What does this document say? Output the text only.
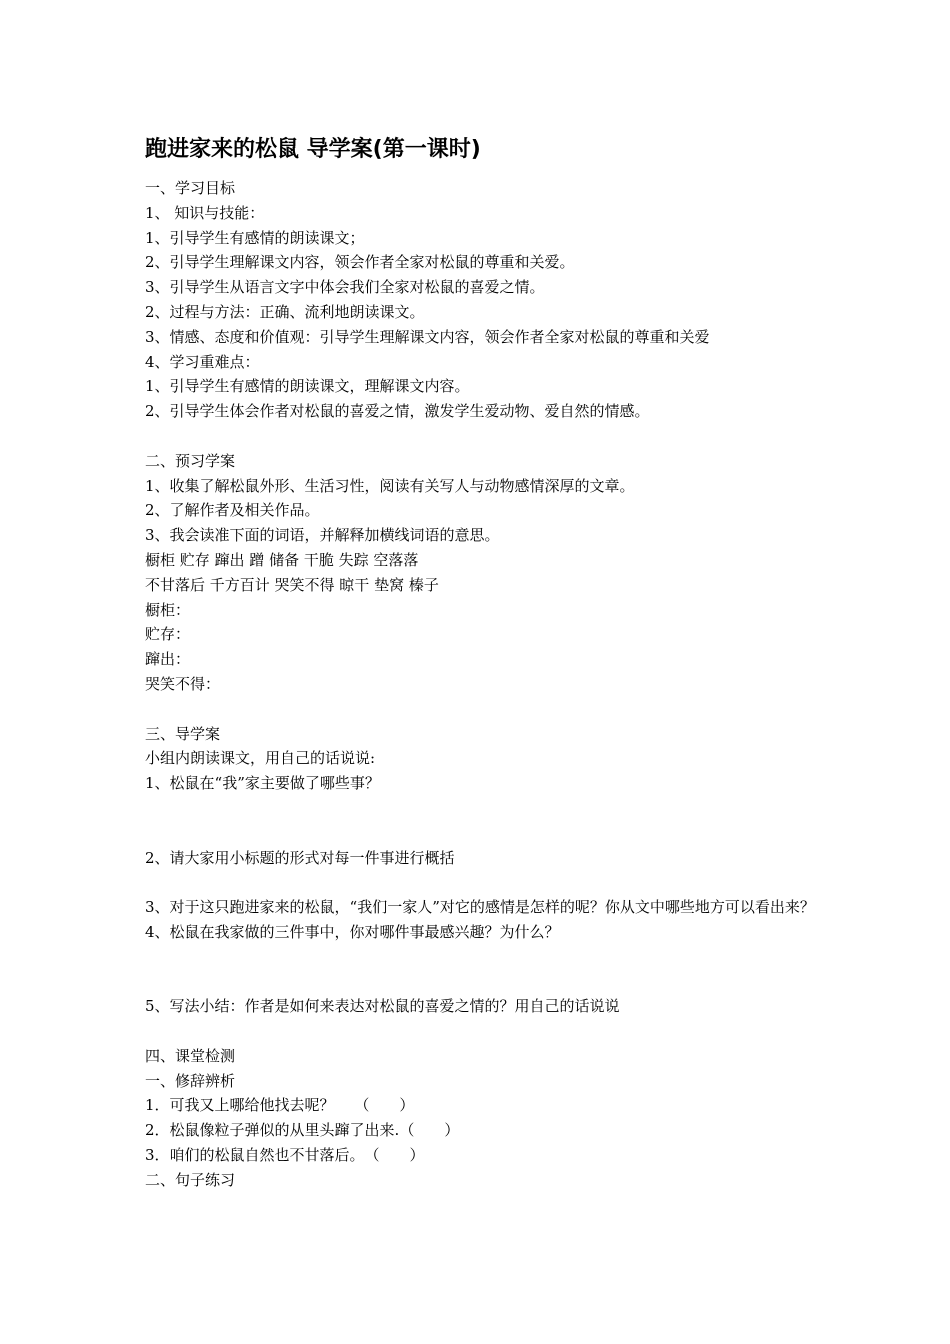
跑进家来的松鼠 导学案(第一课时)
一、学习目标
1、 知识与技能：
1、引导学生有感情的朗读课文；
2、引导学生理解课文内容，领会作者全家对松鼠的尊重和关爱。
3、引导学生从语言文字中体会我们全家对松鼠的喜爱之情。
2、过程与方法：正确、流利地朗读课文。
3、情感、态度和价值观：引导学生理解课文内容，领会作者全家对松鼠的尊重和关爱
4、学习重难点：
1、引导学生有感情的朗读课文，理解课文内容。
2、引导学生体会作者对松鼠的喜爱之情，激发学生爱动物、爱自然的情感。
二、预习学案
1、收集了解松鼠外形、生活习性，阅读有关写人与动物感情深厚的文章。
2、了解作者及相关作品。
3、我会读准下面的词语，并解释加横线词语的意思。
橱柜 贮存 蹿出 蹭 储备 干脆 失踪 空落落
不甘落后 千方百计 哭笑不得 晾干 垫窝 榛子
橱柜：
贮存：
蹿出：
哭笑不得：
三、导学案
小组内朗读课文，用自己的话说说:
1、松鼠在“我”家主要做了哪些事？
2、请大家用小标题的形式对每一件事进行概括
3、对于这只跑进家来的松鼠，“我们一家人”对它的感情是怎样的呢？你从文中哪些地方可以看出来？
4、松鼠在我家做的三件事中，你对哪件事最感兴趣？为什么？
5、写法小结：作者是如何来表达对松鼠的喜爱之情的？用自己的话说说
四、课堂检测
一、修辞辨析
1．可我又上哪给他找去呢？　 （　　）
2．松鼠像粒子弹似的从里头蹿了出来.（　　）
3．咱们的松鼠自然也不甘落后。　（　　）
二、句子练习
